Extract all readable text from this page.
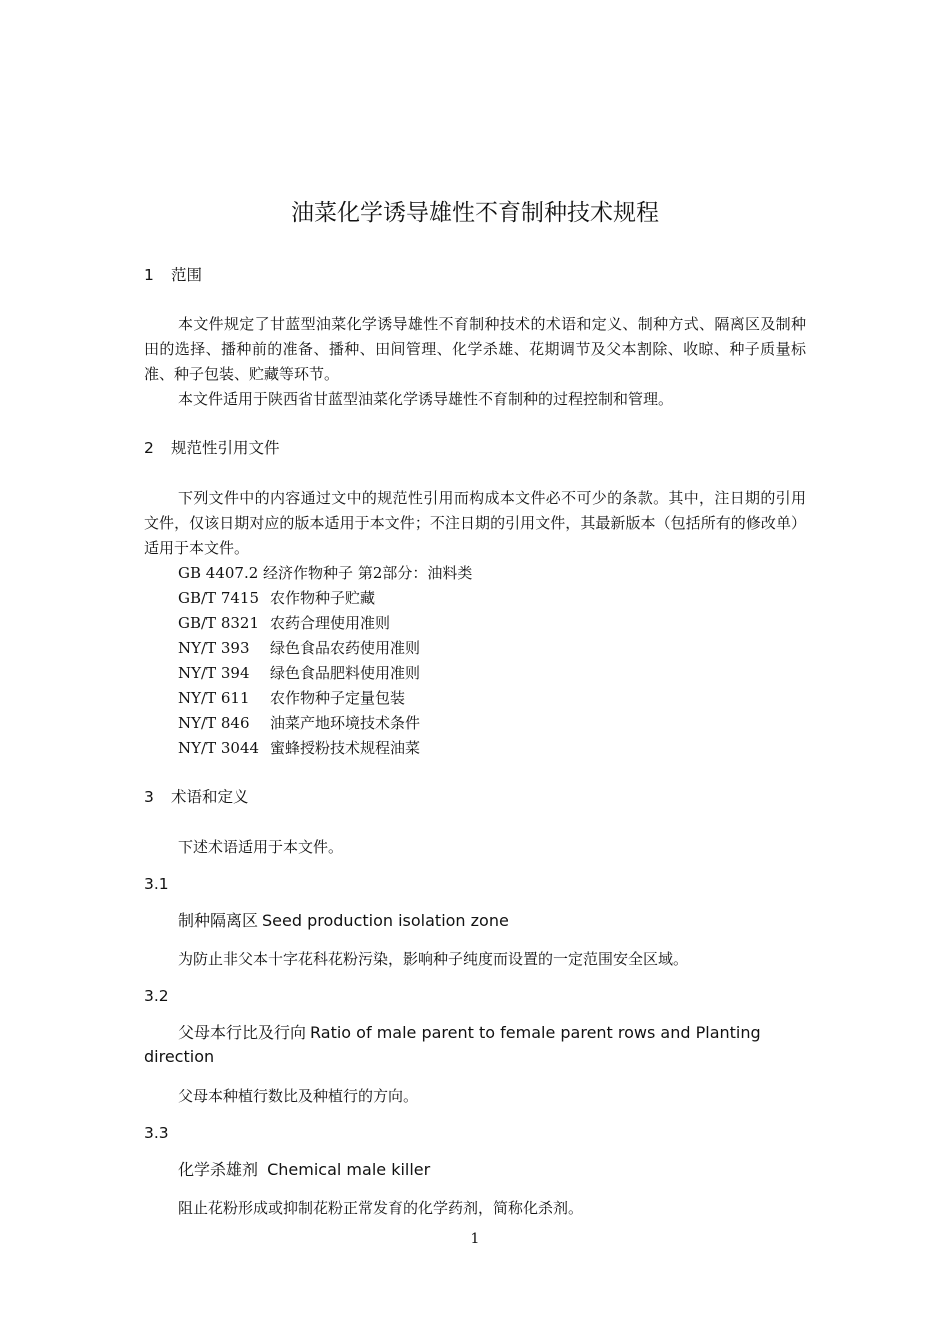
油菜化学诱导雄性不育制种技术规程
1 范围
本文件规定了甘蓝型油菜化学诱导雄性不育制种技术的术语和定义、制种方式、隔离区及制种田的选择、播种前的准备、播种、田间管理、化学杀雄、花期调节及父本割除、收晾、种子质量标准、种子包装、贮藏等环节。
本文件适用于陕西省甘蓝型油菜化学诱导雄性不育制种的过程控制和管理。
2 规范性引用文件
下列文件中的内容通过文中的规范性引用而构成本文件必不可少的条款。其中，注日期的引用文件，仅该日期对应的版本适用于本文件；不注日期的引用文件，其最新版本（包括所有的修改单）适用于本文件。
GB 4407.2 经济作物种子 第2部分：油料类
GB/T 7415 农作物种子贮藏
GB/T 8321 农药合理使用准则
NY/T 393 绿色食品农药使用准则
NY/T 394 绿色食品肥料使用准则
NY/T 611 农作物种子定量包装
NY/T 846 油菜产地环境技术条件
NY/T 3044 蜜蜂授粉技术规程油菜
3 术语和定义
下述术语适用于本文件。
3.1
制种隔离区 Seed production isolation zone
为防止非父本十字花科花粉污染，影响种子纯度而设置的一定范围安全区域。
3.2
父母本行比及行向 Ratio of male parent to female parent rows and Planting direction
父母本种植行数比及种植行的方向。
3.3
化学杀雄剂 Chemical male killer
阻止花粉形成或抑制花粉正常发育的化学药剂，简称化杀剂。
1
